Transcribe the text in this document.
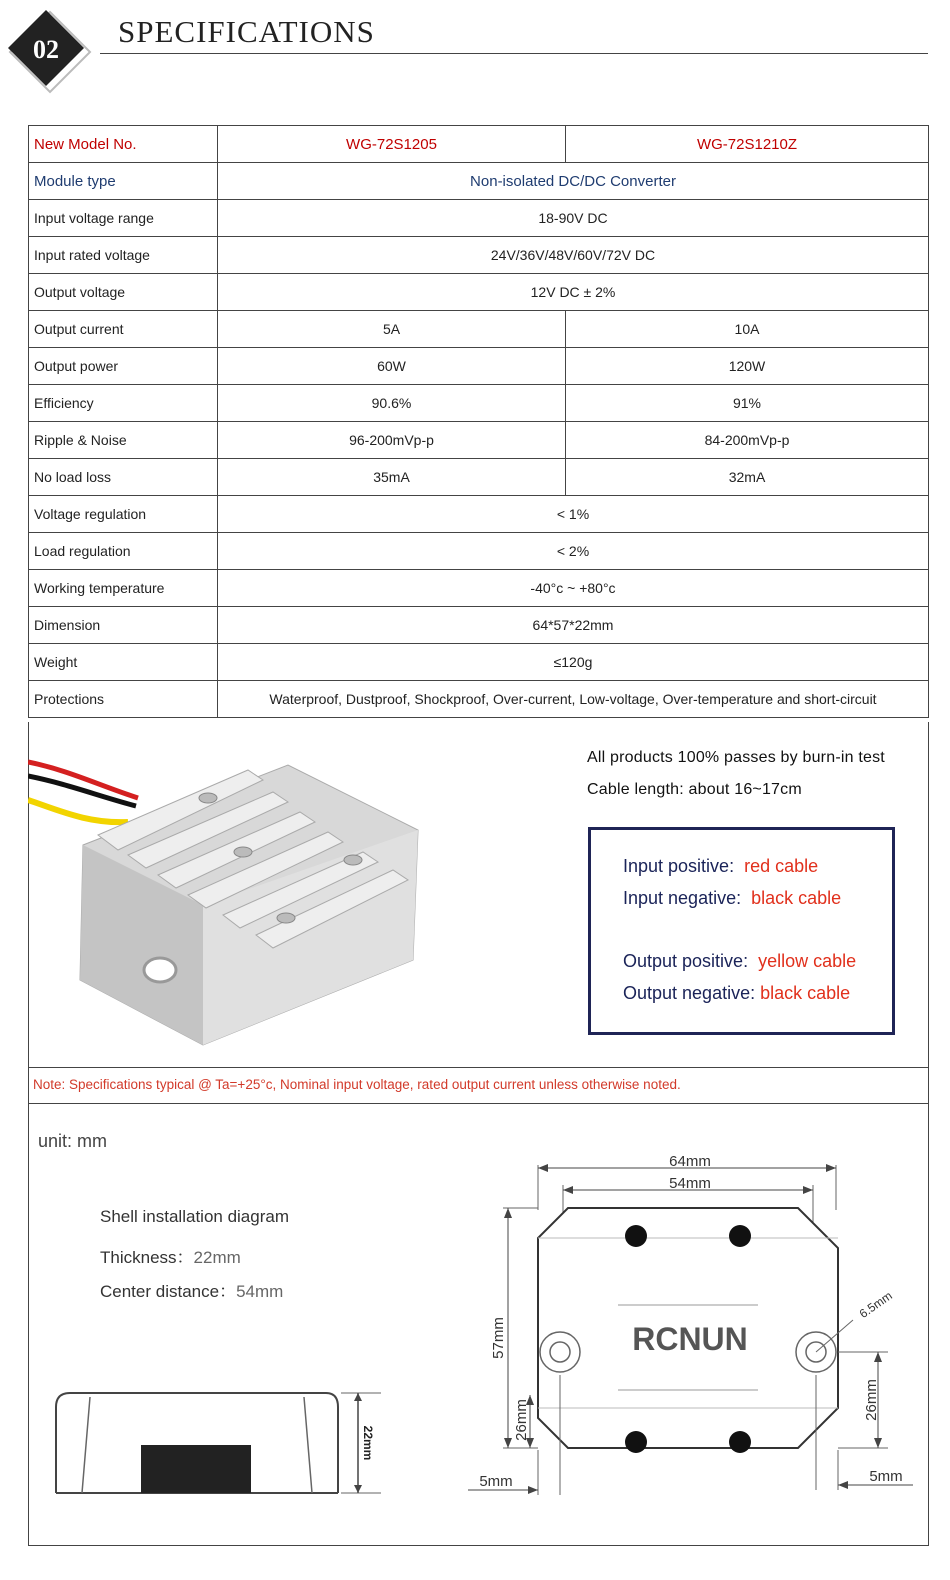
02
SPECIFICATIONS
New Model No.	WG-72S1205	WG-72S1210Z
Module type	Non-isolated DC/DC Converter	
Input voltage range	18-90V DC	
Input rated voltage	24V/36V/48V/60V/72V DC	
Output voltage	12V DC ± 2%	
Output current	5A	10A
Output power	60W	120W
Efficiency	90.6%	91%
Ripple & Noise	96-200mVp-p	84-200mVp-p
No load loss	35mA	32mA
Voltage regulation	< 1%	
Load regulation	< 2%	
Working temperature	-40°c ~ +80°c	
Dimension	64*57*22mm	
Weight	≤120g	
Protections	Waterproof, Dustproof, Shockproof, Over-current, Low-voltage, Over-temperature and short-circuit	
All products 100% passes by burn-in test
Cable length: about 16~17cm
Input positive: red cable
Input negative: black cable
Output positive: yellow cable
Output negative: black cable
Note: Specifications typical @ Ta=+25°c, Nominal input voltage, rated output current unless otherwise noted.
unit: mm
Shell installation diagram
Thickness：22mm
Center distance：54mm
22mm
64mm
54mm
RCNUN
57mm
26mm	26mm
6.5mm
5mm	5mm
